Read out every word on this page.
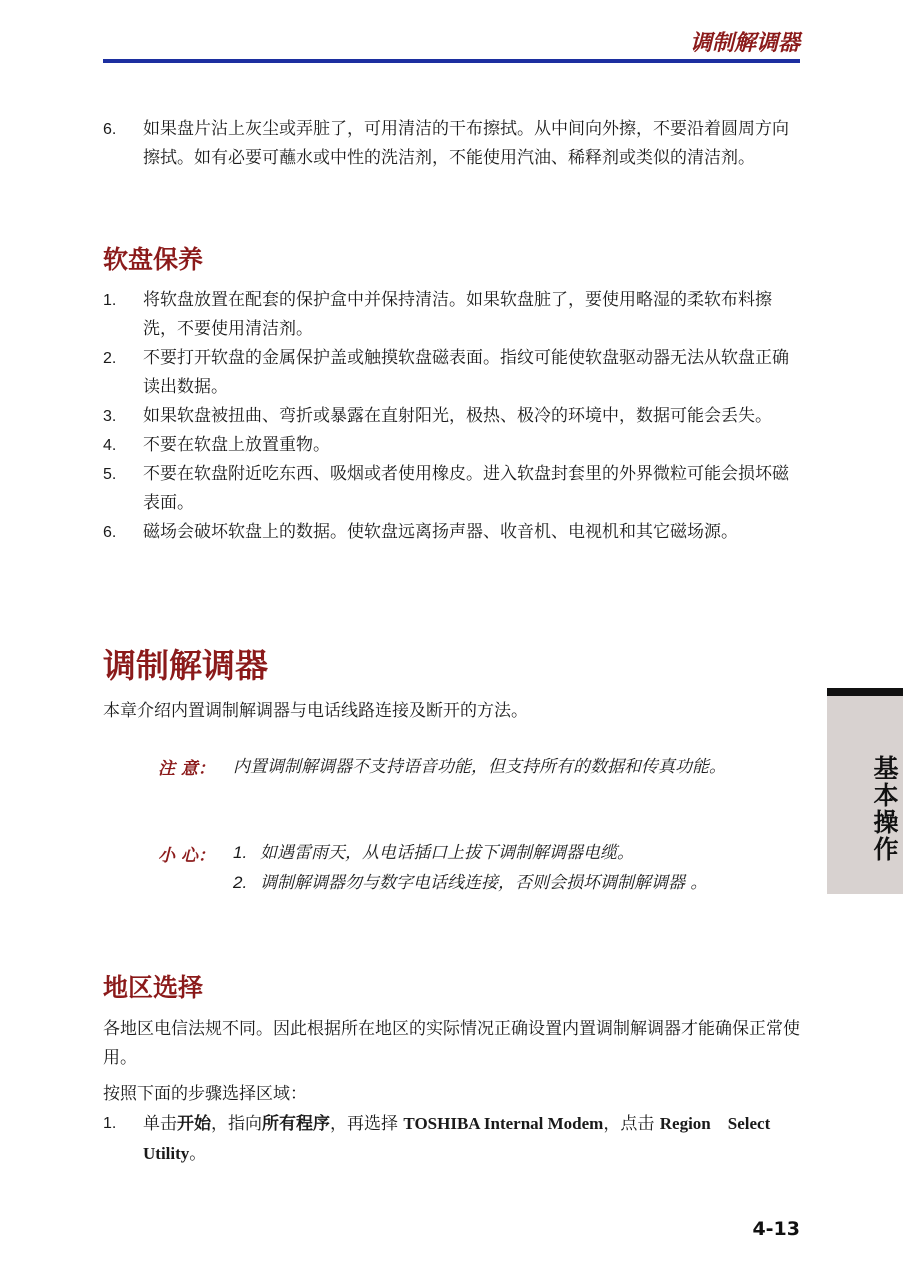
调制解调器
6. 如果盘片沾上灰尘或弄脏了，可用清洁的干布擦拭。从中间向外擦，不要沿着圆周方向擦拭。如有必要可蘸水或中性的洗洁剂，不能使用汽油、稀释剂或类似的清洁剂。
软盘保养
1. 将软盘放置在配套的保护盒中并保持清洁。如果软盘脏了，要使用略湿的柔软布料擦洗，不要使用清洁剂。
2. 不要打开软盘的金属保护盖或触摸软盘磁表面。指纹可能使软盘驱动器无法从软盘正确读出数据。
3. 如果软盘被扭曲、弯折或暴露在直射阳光，极热、极冷的环境中，数据可能会丢失。
4. 不要在软盘上放置重物。
5. 不要在软盘附近吃东西、吸烟或者使用橡皮。进入软盘封套里的外界微粒可能会损坏磁表面。
6. 磁场会破坏软盘上的数据。使软盘远离扬声器、收音机、电视机和其它磁场源。
调制解调器
本章介绍内置调制解调器与电话线路连接及断开的方法。
注 意： 内置调制解调器不支持语音功能，但支持所有的数据和传真功能。
小 心： 1. 如遇雷雨天，从电话插口上拔下调制解调器电缆。
2. 调制解调器勿与数字电话线连接，否则会损坏调制解调器 。
地区选择
各地区电信法规不同。因此根据所在地区的实际情况正确设置内置调制解调器才能确保正常使用。
按照下面的步骤选择区域：
1. 单击开始，指向所有程序，再选择 TOSHIBA Internal Modem，点击 Region　Select Utility。
基本操作
4-13
